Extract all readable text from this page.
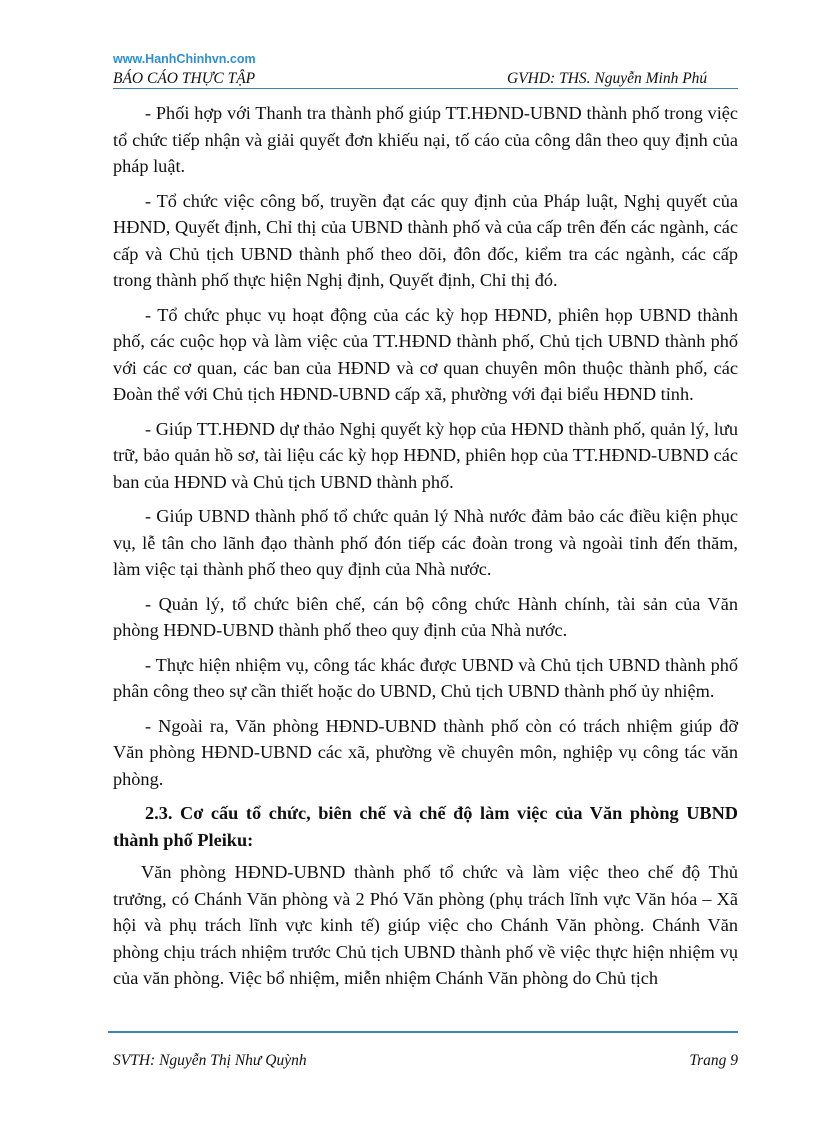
www.HanhChinhvn.com
BÁO CÁO THỰC TẬP	GVHD: THS. Nguyễn Minh Phú

- Phối hợp với Thanh tra thành phố giúp TT.HĐND-UBND thành phố trong việc tổ chức tiếp nhận và giải quyết đơn khiếu nại, tố cáo của công dân theo quy định của pháp luật.

- Tổ chức việc công bố, truyền đạt các quy định của Pháp luật, Nghị quyết của HĐND, Quyết định, Chỉ thị của UBND thành phố và của cấp trên đến các ngành, các cấp và Chủ tịch UBND thành phố theo dõi, đôn đốc, kiểm tra các ngành, các cấp trong thành phố thực hiện Nghị định, Quyết định, Chỉ thị đó.

- Tổ chức phục vụ hoạt động của các kỳ họp HĐND, phiên họp UBND thành phố, các cuộc họp và làm việc của TT.HĐND thành phố, Chủ tịch UBND thành phố với các cơ quan, các ban của HĐND và cơ quan chuyên môn thuộc thành phố, các Đoàn thể với Chủ tịch HĐND-UBND cấp xã, phường với đại biểu HĐND tỉnh.

- Giúp TT.HĐND dự thảo Nghị quyết kỳ họp của HĐND thành phố, quản lý, lưu trữ, bảo quản hồ sơ, tài liệu các kỳ họp HĐND, phiên họp của TT.HĐND-UBND các ban của HĐND và Chủ tịch UBND thành phố.

- Giúp UBND thành phố tổ chức quản lý Nhà nước đảm bảo các điều kiện phục vụ, lễ tân cho lãnh đạo thành phố đón tiếp các đoàn trong và ngoài tỉnh đến thăm, làm việc tại thành phố theo quy định của Nhà nước.

- Quản lý, tổ chức biên chế, cán bộ công chức Hành chính, tài sản của Văn phòng HĐND-UBND thành phố theo quy định của Nhà nước.

- Thực hiện nhiệm vụ, công tác khác được UBND và Chủ tịch UBND thành phố phân công theo sự cần thiết hoặc do UBND, Chủ tịch UBND thành phố ủy nhiệm.

- Ngoài ra, Văn phòng HĐND-UBND thành phố còn có trách nhiệm giúp đỡ Văn phòng HĐND-UBND các xã, phường về chuyên môn, nghiệp vụ công tác văn phòng.

2.3. Cơ cấu tổ chức, biên chế và chế độ làm việc của Văn phòng UBND thành phố Pleiku:

Văn phòng HĐND-UBND thành phố tổ chức và làm việc theo chế độ Thủ trưởng, có Chánh Văn phòng và 2 Phó Văn phòng (phụ trách lĩnh vực Văn hóa – Xã hội và phụ trách lĩnh vực kinh tế) giúp việc cho Chánh Văn phòng. Chánh Văn phòng chịu trách nhiệm trước Chủ tịch UBND thành phố về việc thực hiện nhiệm vụ của văn phòng. Việc bổ nhiệm, miễn nhiệm Chánh Văn phòng do Chủ tịch

SVTH: Nguyễn Thị Như Quỳnh	Trang 9
